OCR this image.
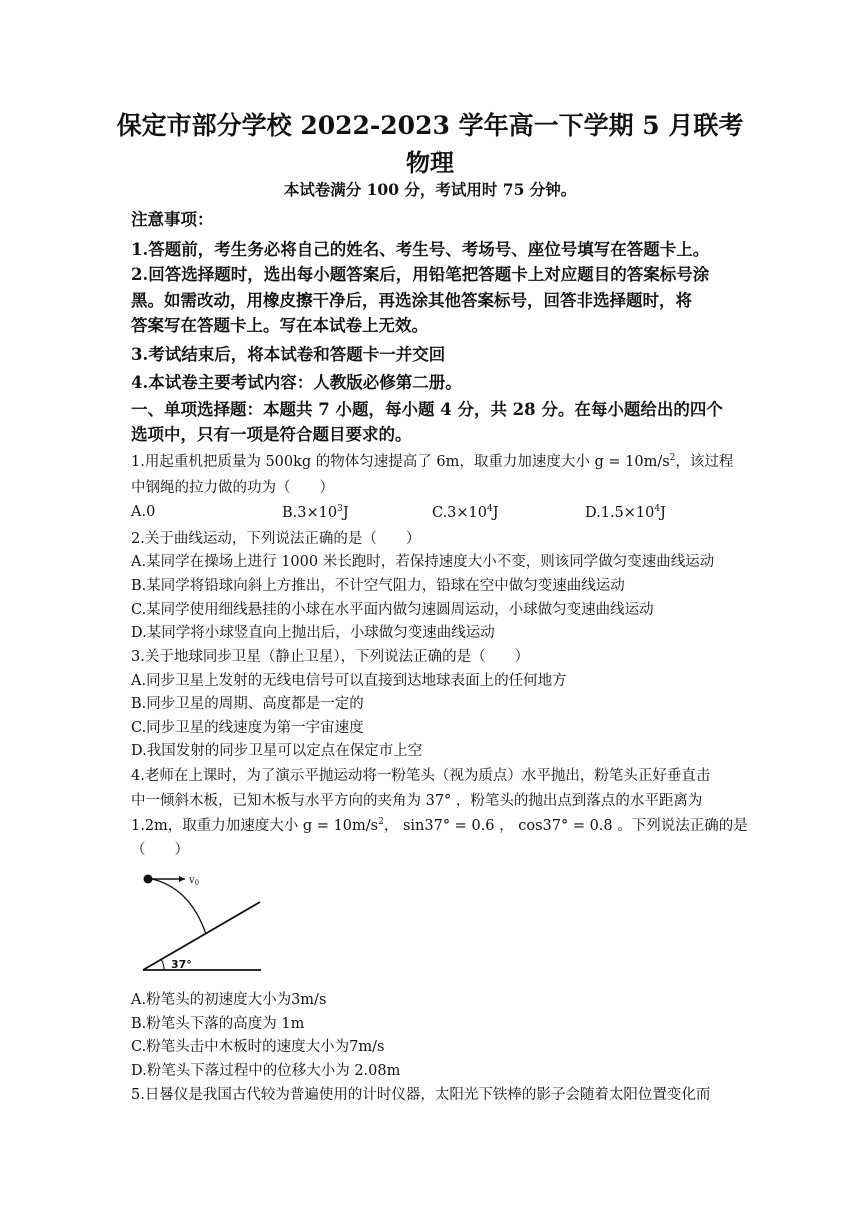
保定市部分学校 2022-2023 学年高一下学期 5 月联考
物理
本试卷满分 100 分，考试用时 75 分钟。
注意事项：
1.答题前，考生务必将自己的姓名、考生号、考场号、座位号填写在答题卡上。
2.回答选择题时，选出每小题答案后，用铅笔把答题卡上对应题目的答案标号涂
黑。如需改动，用橡皮擦干净后，再选涂其他答案标号，回答非选择题时，将
答案写在答题卡上。写在本试卷上无效。
3.考试结束后，将本试卷和答题卡一并交回
4.本试卷主要考试内容：人教版必修第二册。
一、单项选择题：本题共 7 小题，每小题 4 分，共 28 分。在每小题给出的四个
选项中，只有一项是符合题目要求的。
1.用起重机把质量为 500kg 的物体匀速提高了 6m，取重力加速度大小 $g = 10m/s^2$，该过程
中钢绳的拉力做的功为（　　）
A.0	$B.3\times 10^3J$	$C.3\times 10^4J$	$D.1.5\times 10^4J$
2.关于曲线运动，下列说法正确的是（　　）
A.某同学在操场上进行 1000 米长跑时，若保持速度大小不变，则该同学做匀变速曲线运动
B.某同学将铅球向斜上方推出，不计空气阻力，铅球在空中做匀变速曲线运动
C.某同学使用细线悬挂的小球在水平面内做匀速圆周运动，小球做匀变速曲线运动
D.某同学将小球竖直向上抛出后，小球做匀变速曲线运动
3.关于地球同步卫星（静止卫星），下列说法正确的是（　　）
A.同步卫星上发射的无线电信号可以直接到达地球表面上的任何地方
B.同步卫星的周期、高度都是一定的
C.同步卫星的线速度为第一宇宙速度
D.我国发射的同步卫星可以定点在保定市上空
4.老师在上课时，为了演示平抛运动将一粉笔头（视为质点）水平抛出，粉笔头正好垂直击
中一倾斜木板，已知木板与水平方向的夹角为 37° ，粉笔头的抛出点到落点的水平距离为
1.2m，取重力加速度大小 $g = 10m/s^2$， sin37° = 0.6 ， cos37° = 0.8 。下列说法正确的是
（　　）
$v_0$
37°
A.粉笔头的初速度大小为3m/s
B.粉笔头下落的高度为 1m
C.粉笔头击中木板时的速度大小为7m/s
D.粉笔头下落过程中的位移大小为 2.08m
5.日晷仪是我国古代较为普遍使用的计时仪器，太阳光下铁棒的影子会随着太阳位置变化而
